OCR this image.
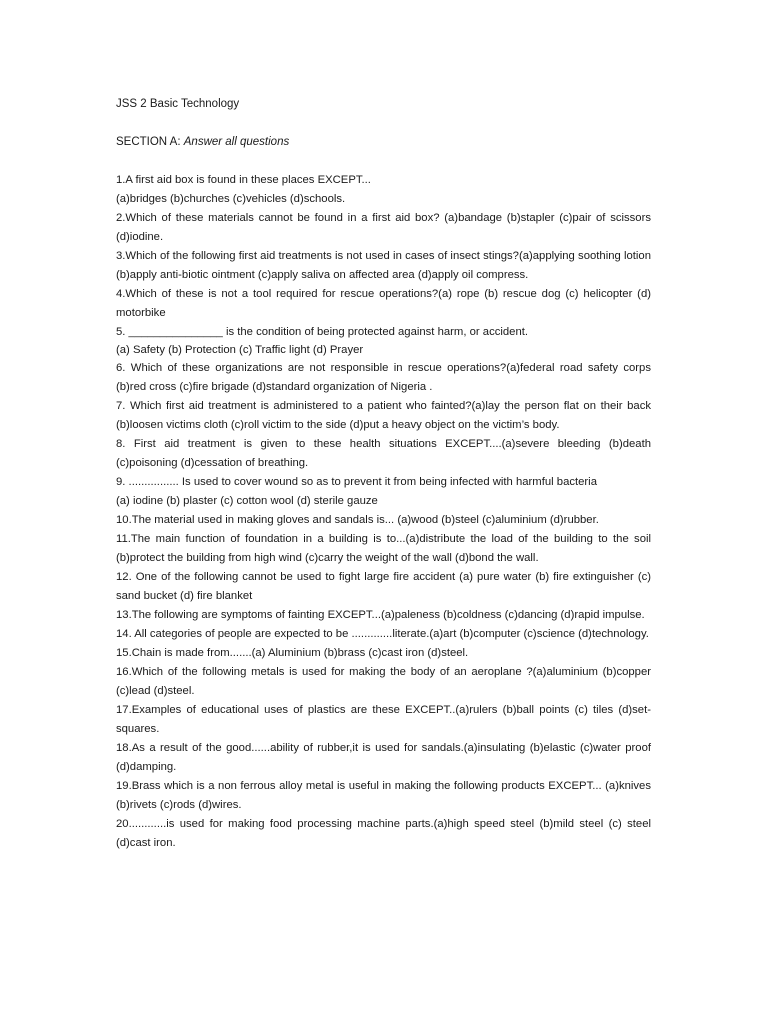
JSS 2 Basic Technology
SECTION A: Answer all questions

1.A first aid box is found in these places EXCEPT...

(a)bridges (b)churches (c)vehicles (d)schools.

2.Which of these materials cannot be found in a first aid box? (a)bandage (b)stapler (c)pair of scissors (d)iodine.

3.Which of the following first aid treatments is not used in cases of insect stings?(a)applying soothing lotion (b)apply anti-biotic ointment (c)apply saliva on affected area (d)apply oil compress.

4.Which of these is not a tool required for rescue operations?(a) rope (b) rescue dog (c) helicopter (d) motorbike

5. _______________ is the condition of being protected against harm, or accident.

(a) Safety (b) Protection (c) Traffic light (d) Prayer

6. Which of these organizations are not responsible in rescue operations?(a)federal road safety corps (b)red cross (c)fire brigade (d)standard organization of Nigeria .

7. Which first aid treatment is administered to a patient who fainted?(a)lay the person flat on their back (b)loosen victims cloth (c)roll victim to the side (d)put a heavy object on the victim’s body.

8. First aid treatment is given to these health situations EXCEPT....(a)severe bleeding (b)death (c)poisoning (d)cessation of breathing.

9. ................ Is used to cover wound so as to prevent it from being infected with harmful bacteria

(a) iodine (b) plaster (c) cotton wool (d) sterile gauze

10.The material used in making gloves and sandals is... (a)wood (b)steel (c)aluminium (d)rubber.

11.The main function of foundation in a building is to...(a)distribute the load of the building to the soil (b)protect the building from high wind (c)carry the weight of the wall (d)bond the wall.

12. One of the following cannot be used to fight large fire accident (a) pure water (b) fire extinguisher (c) sand bucket (d) fire blanket

13.The following are symptoms of fainting EXCEPT...(a)paleness (b)coldness (c)dancing (d)rapid impulse.

14. All categories of people are expected to be .............literate.(a)art (b)computer (c)science (d)technology.

15.Chain is made from.......(a) Aluminium (b)brass (c)cast iron (d)steel.

16.Which of the following metals is used for making the body of an aeroplane ?(a)aluminium (b)copper (c)lead (d)steel.

17.Examples of educational uses of plastics are these EXCEPT..(a)rulers (b)ball points (c) tiles (d)set-squares.

18.As a result of the good......ability of rubber,it is used for sandals.(a)insulating (b)elastic (c)water proof (d)damping.

19.Brass which is a non ferrous alloy metal is useful in making the following products EXCEPT... (a)knives (b)rivets (c)rods (d)wires.

20............is used for making food processing machine parts.(a)high speed steel (b)mild steel (c) steel (d)cast iron.
